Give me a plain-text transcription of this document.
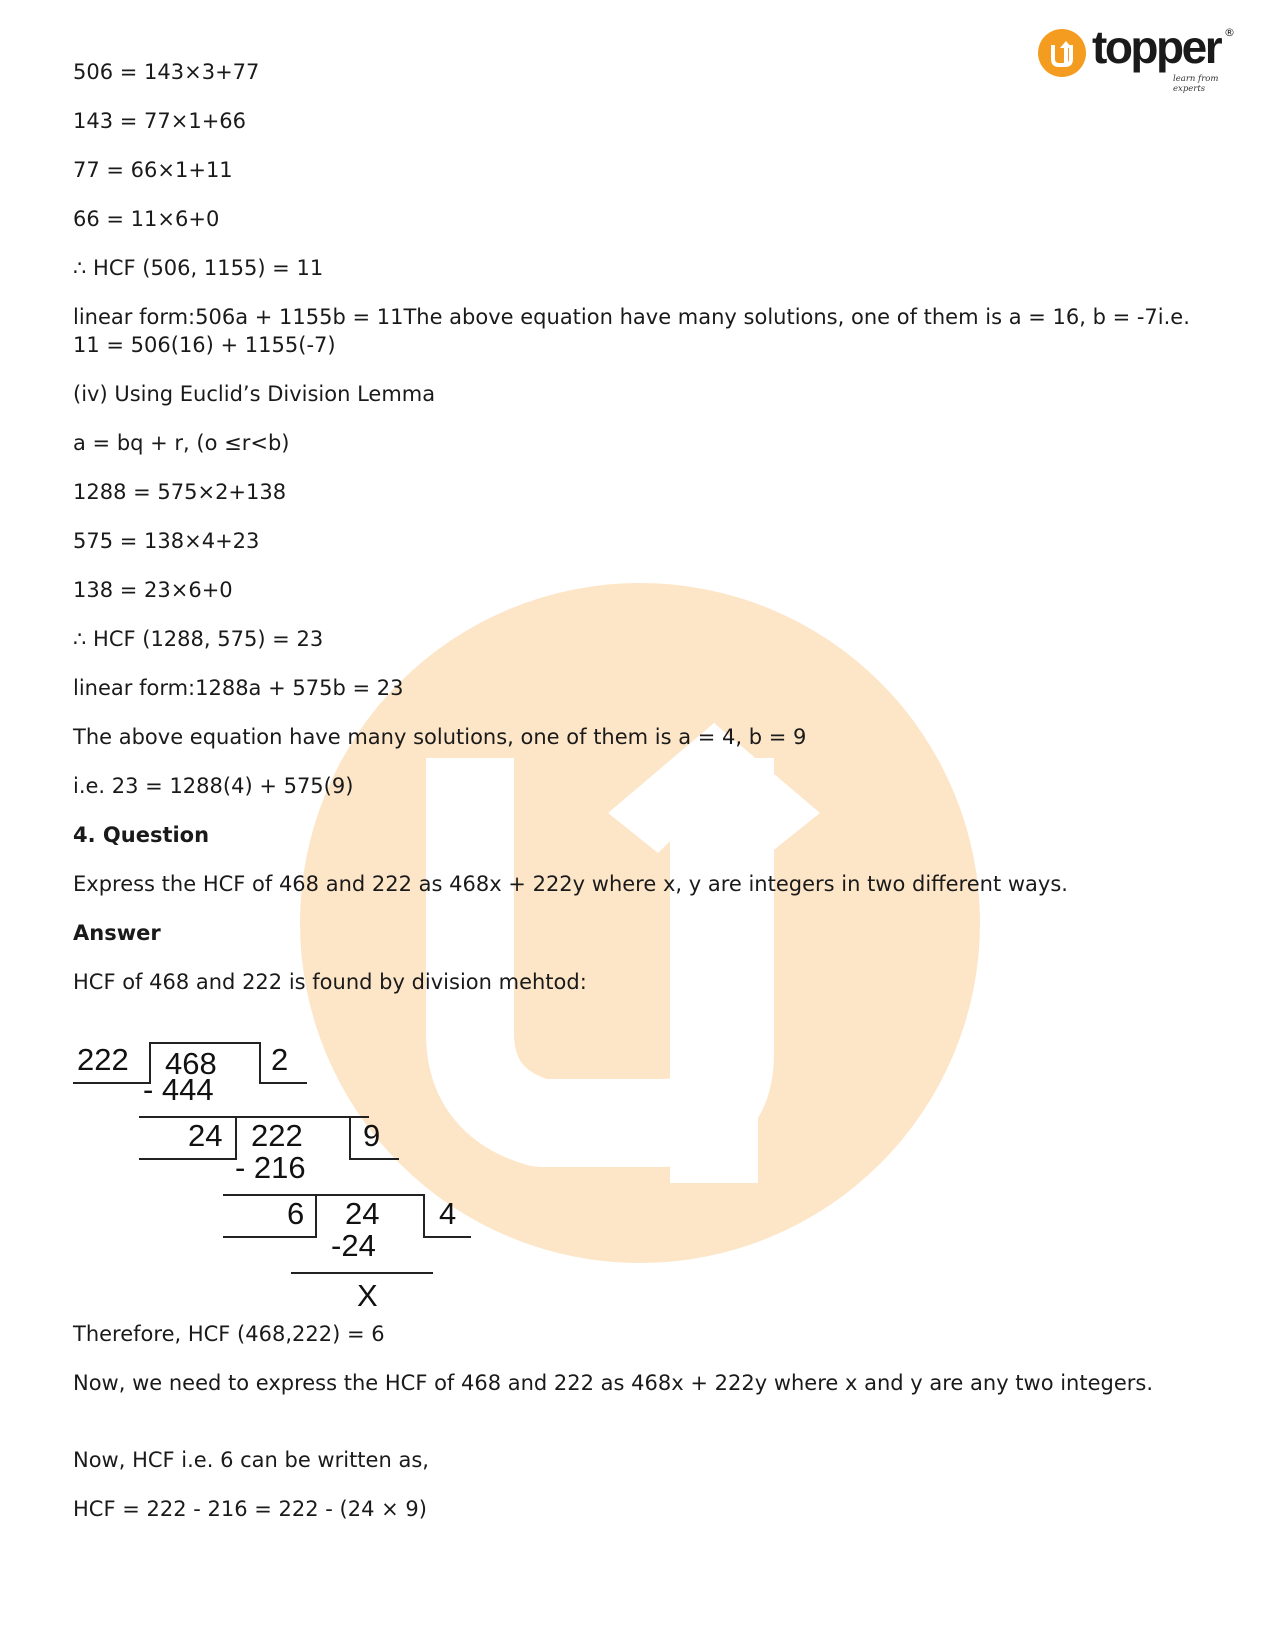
topper ®
learn from experts
506 = 143×3+77
143 = 77×1+66
77 = 66×1+11
66 = 11×6+0
∴ HCF (506, 1155) = 11
linear form:506a + 1155b = 11The above equation have many solutions, one of them is a = 16, b = -7i.e. 11 = 506(16) + 1155(-7)
(iv) Using Euclid’s Division Lemma
a = bq + r, (o ≤r<b)
1288 = 575×2+138
575 = 138×4+23
138 = 23×6+0
∴ HCF (1288, 575) = 23
linear form:1288a + 575b = 23
The above equation have many solutions, one of them is a = 4, b = 9
i.e. 23 = 1288(4) + 575(9)
4. Question
Express the HCF of 468 and 222 as 468x + 222y where x, y are integers in two different ways.
Answer
HCF of 468 and 222 is found by division mehtod:
Therefore, HCF (468,222) = 6
Now, we need to express the HCF of 468 and 222 as 468x + 222y where x and y are any two integers.
Now, HCF i.e. 6 can be written as,
HCF = 222 - 216 = 222 - (24 × 9)
222 468
- 444
2
24 222
- 216
9
6 24
-24
4
X
